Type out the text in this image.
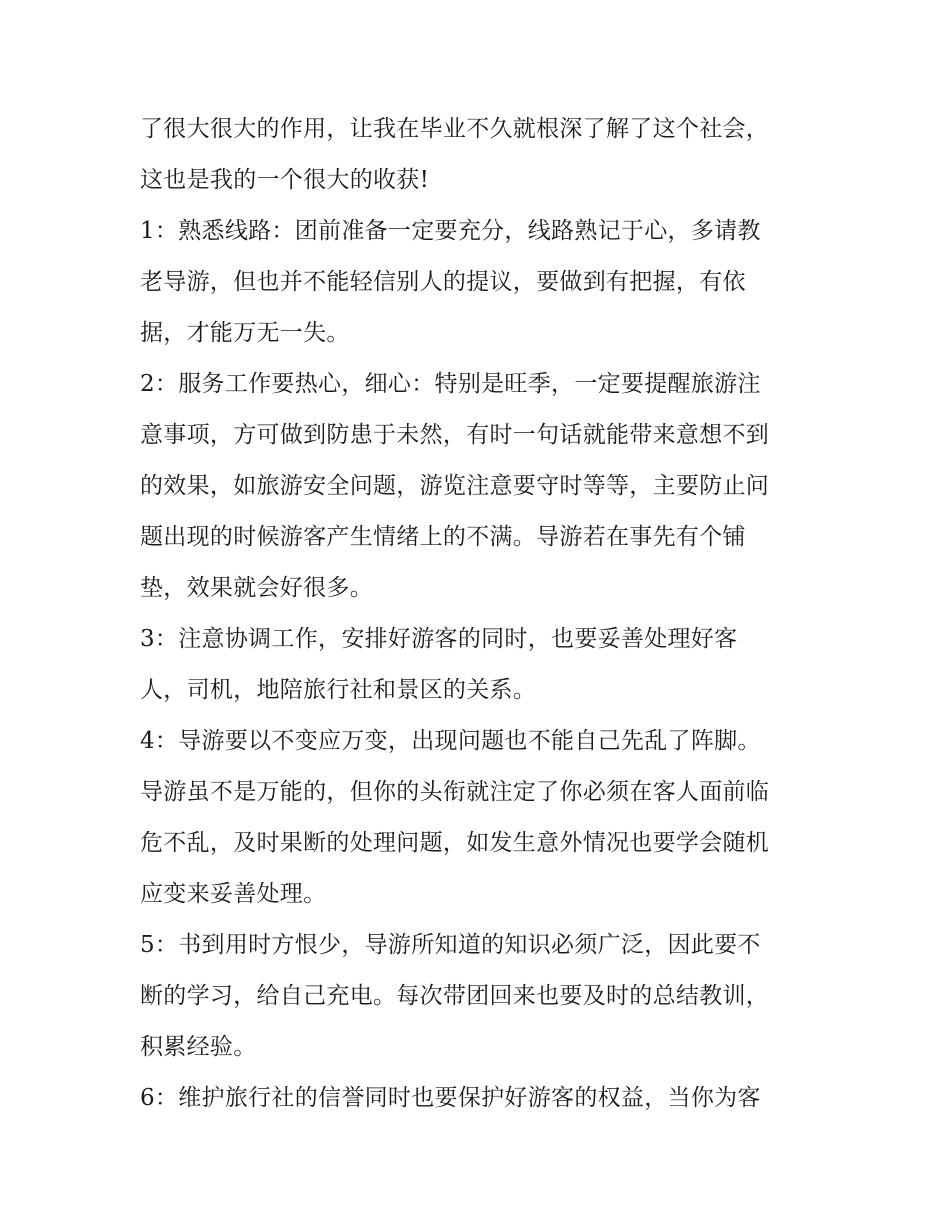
了很大很大的作用，让我在毕业不久就根深了解了这个社会，
这也是我的一个很大的收获!
1：熟悉线路：团前准备一定要充分，线路熟记于心，多请教
老导游，但也并不能轻信别人的提议，要做到有把握，有依
据，才能万无一失。
2：服务工作要热心，细心：特别是旺季，一定要提醒旅游注
意事项，方可做到防患于未然，有时一句话就能带来意想不到
的效果，如旅游安全问题，游览注意要守时等等，主要防止问
题出现的时候游客产生情绪上的不满。导游若在事先有个铺
垫，效果就会好很多。
3：注意协调工作，安排好游客的同时，也要妥善处理好客
人，司机，地陪旅行社和景区的关系。
4：导游要以不变应万变，出现问题也不能自己先乱了阵脚。
导游虽不是万能的，但你的头衔就注定了你必须在客人面前临
危不乱，及时果断的处理问题，如发生意外情况也要学会随机
应变来妥善处理。
5：书到用时方恨少，导游所知道的知识必须广泛，因此要不
断的学习，给自己充电。每次带团回来也要及时的总结教训，
积累经验。
6：维护旅行社的信誉同时也要保护好游客的权益，当你为客
